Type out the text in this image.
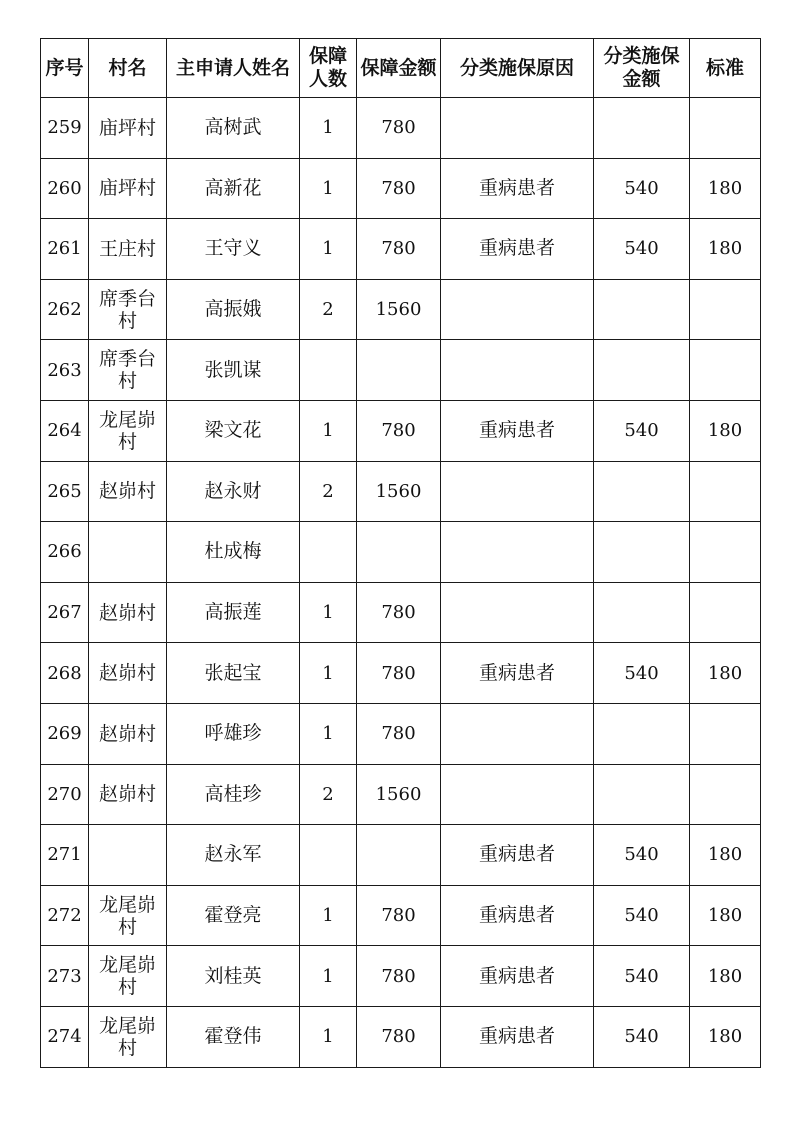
序号	村名	主申请人姓名	保障人数	保障金额	分类施保原因	分类施保金额	标准
259	庙坪村	高树武	1	780			
260	庙坪村	高新花	1	780	重病患者	540	180
261	王庄村	王守义	1	780	重病患者	540	180
262	席季台村	高振娥	2	1560			
263	席季台村	张凯谋					
264	龙尾峁村	梁文花	1	780	重病患者	540	180
265	赵峁村	赵永财	2	1560			
266		杜成梅					
267	赵峁村	高振莲	1	780			
268	赵峁村	张起宝	1	780	重病患者	540	180
269	赵峁村	呼雄珍	1	780			
270	赵峁村	高桂珍	2	1560			
271		赵永军			重病患者	540	180
272	龙尾峁村	霍登亮	1	780	重病患者	540	180
273	龙尾峁村	刘桂英	1	780	重病患者	540	180
274	龙尾峁村	霍登伟	1	780	重病患者	540	180
